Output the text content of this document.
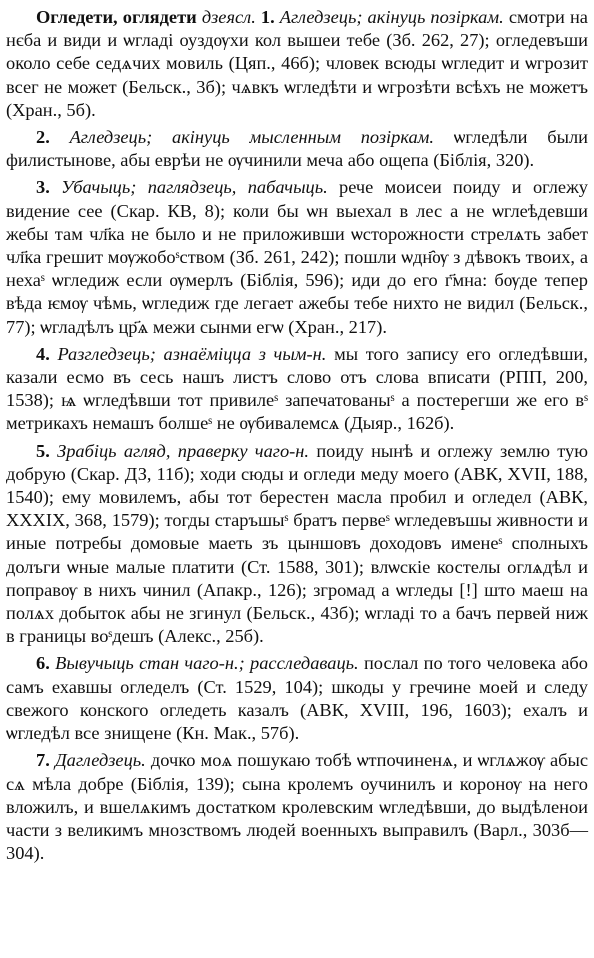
Огледети, оглядети дзеясл. 1. Агледзець; акінуць позіркам. смотри на нєба и види и ѡгладі оуздѹхи кол вышеи тебе (Зб. 262, 27); огледевъши около себе седѧчих мовиль (Цяп., 46б); чловек всюды ѡгледит и ѡгрозит всег не может (Бельск., 3б); чѧвкъ ѡгледѣти и ѡгрозѣти всѣхъ не можетъ (Хран., 5б).

2. Агледзець; акінуць мысленным позіркам. ѡгледѣли были филистынове, абы еврѣи не ѹчинили меча або ощепа (Біблія, 320).

3. Убачыць; паглядзець, пабачыць. рече моисеи поиду и оглежу видение сее (Скар. КВ, 8); коли бы ѡн выехал в лес а не ѡглеѣдевши жебы там чл҃ка не было и не приложивши ѡсторожности стрелѧть забет чл҃ка грешит мѹжобоˢством (Зб. 261, 242); пошли ѡдн҄ѹ з дѣвокъ твоих, а нехаˢ ѡгледиж если ѹмерлъ (Біблія, 596); иди до его г҃мна: бѹде тепер вѣда ѥмѹ чѣмь, ѡгледиж где легает ажебы тебе нихто не видил (Бельск., 77); ѡгладѣлъ цр҃ѧ межи сынми егѡ (Хран., 217).

4. Разгледзець; азнаёміцца з чым-н. мы того запису его огледѣвши, казали есмо въ сесь нашъ листъ слово отъ слова вписати (РПП, 200, 1538); ѩ ѡгледѣвши тот привилеˢ запечатованыˢ а постерегши же его вˢ метрикахъ немашъ болшеˢ не ѹбивалемсѧ (Дыяр., 162б).

5. Зрабіць агляд, праверку чаго-н. поиду нынѣ и оглежу землю тую добрую (Скар. ДЗ, 11б); ходи сюды и огледи меду моего (АВК, XVII, 188, 1540); ему мовилемъ, абы тот берестен масла пробил и огледел (АВК, XXXIX, 368, 1579); тогды старъшыˢ братъ первеˢ ѡгледевъшы живности и иные потребы домовые маеть зъ цыншовъ доходовъ именеˢ сполныхъ долъги ѡные малые платити (Ст. 1588, 301); влѡскіе костелы оглѧдѣл и поправѹ в нихъ чинил (Апакр., 126); згромад а ѡгледы [!] што маеш на полѧх добыток абы не згинул (Бельск., 43б); ѡгладі то а бачъ первей ниж в границы воˢдешъ (Алекс., 25б).

6. Вывучыць стан чаго-н.; расследаваць. послал по того человека або самъ ехавшы огледелъ (Ст. 1529, 104); шкоды у гречине моей и следу свежого конского огледеть казалъ (АВК, XVIII, 196, 1603); ехалъ и ѡгледѣл все знищене (Кн. Мак., 57б).

7. Дагледзець. дочко моѧ пошукаю тобѣ ѡтпочиненѧ, и ѡглѧжѹ абыс сѧ мѣла добре (Біблія, 139); сына кролемъ оучинилъ и коронѹ на него вложилъ, и вшелѧкимъ достатком кролевским ѡгледѣвши, до выдѣленои части з великимъ мнозствомъ людей военныхъ выправилъ (Варл., 303б—304).
